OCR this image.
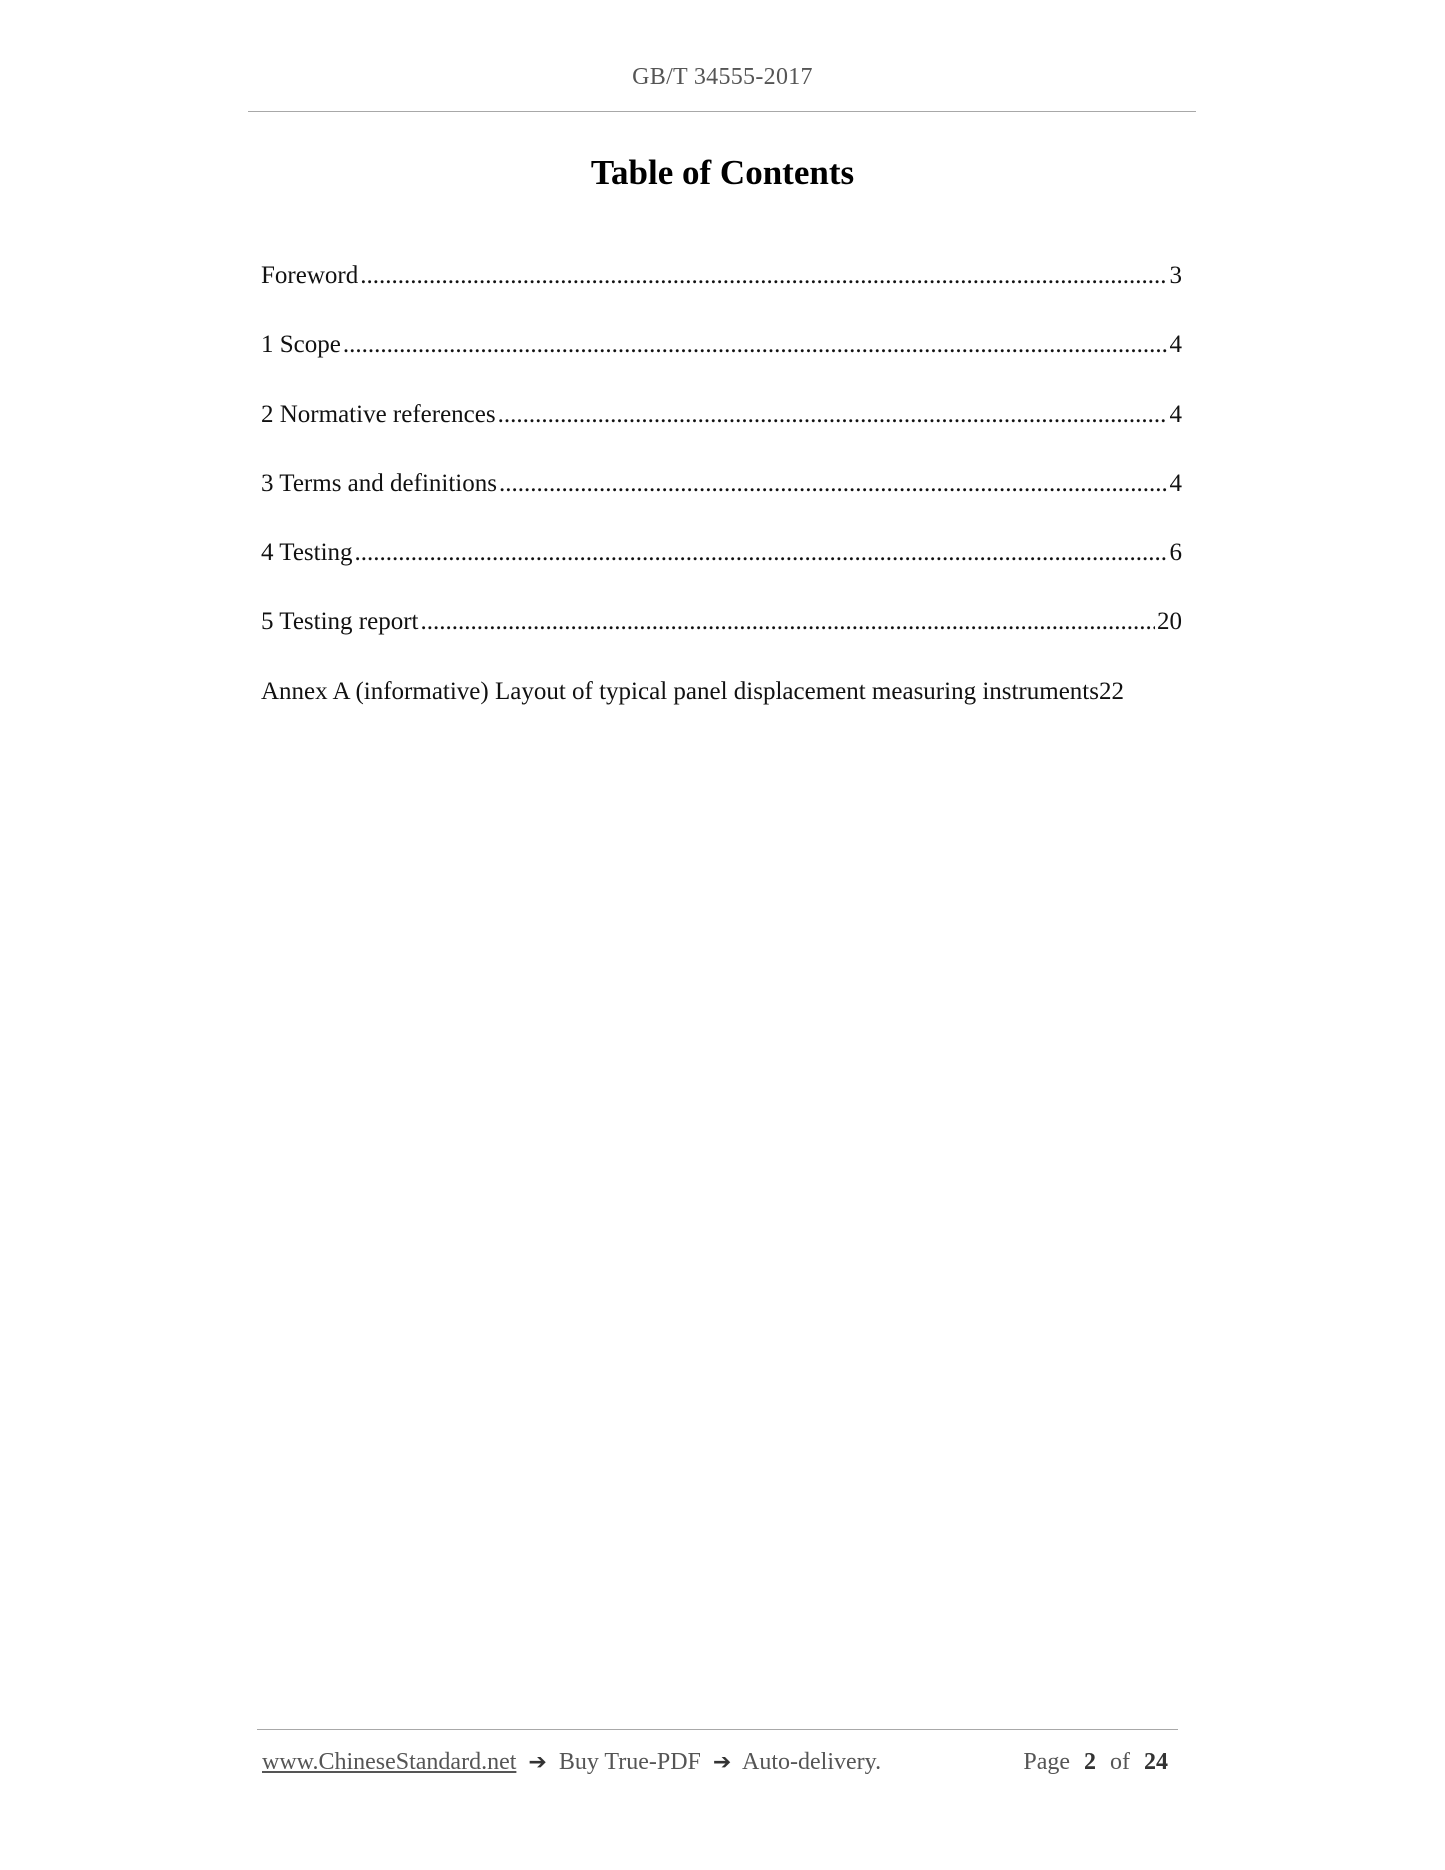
GB/T 34555-2017
Table of Contents
Foreword .....	3
1 Scope .....	4
2 Normative references .....	4
3 Terms and definitions .....	4
4 Testing .....	6
5 Testing report .....	20
Annex A (informative) Layout of typical panel displacement measuring instruments 22
www.ChineseStandard.net ➔ Buy True-PDF ➔ Auto-delivery.	Page 2 of 24
